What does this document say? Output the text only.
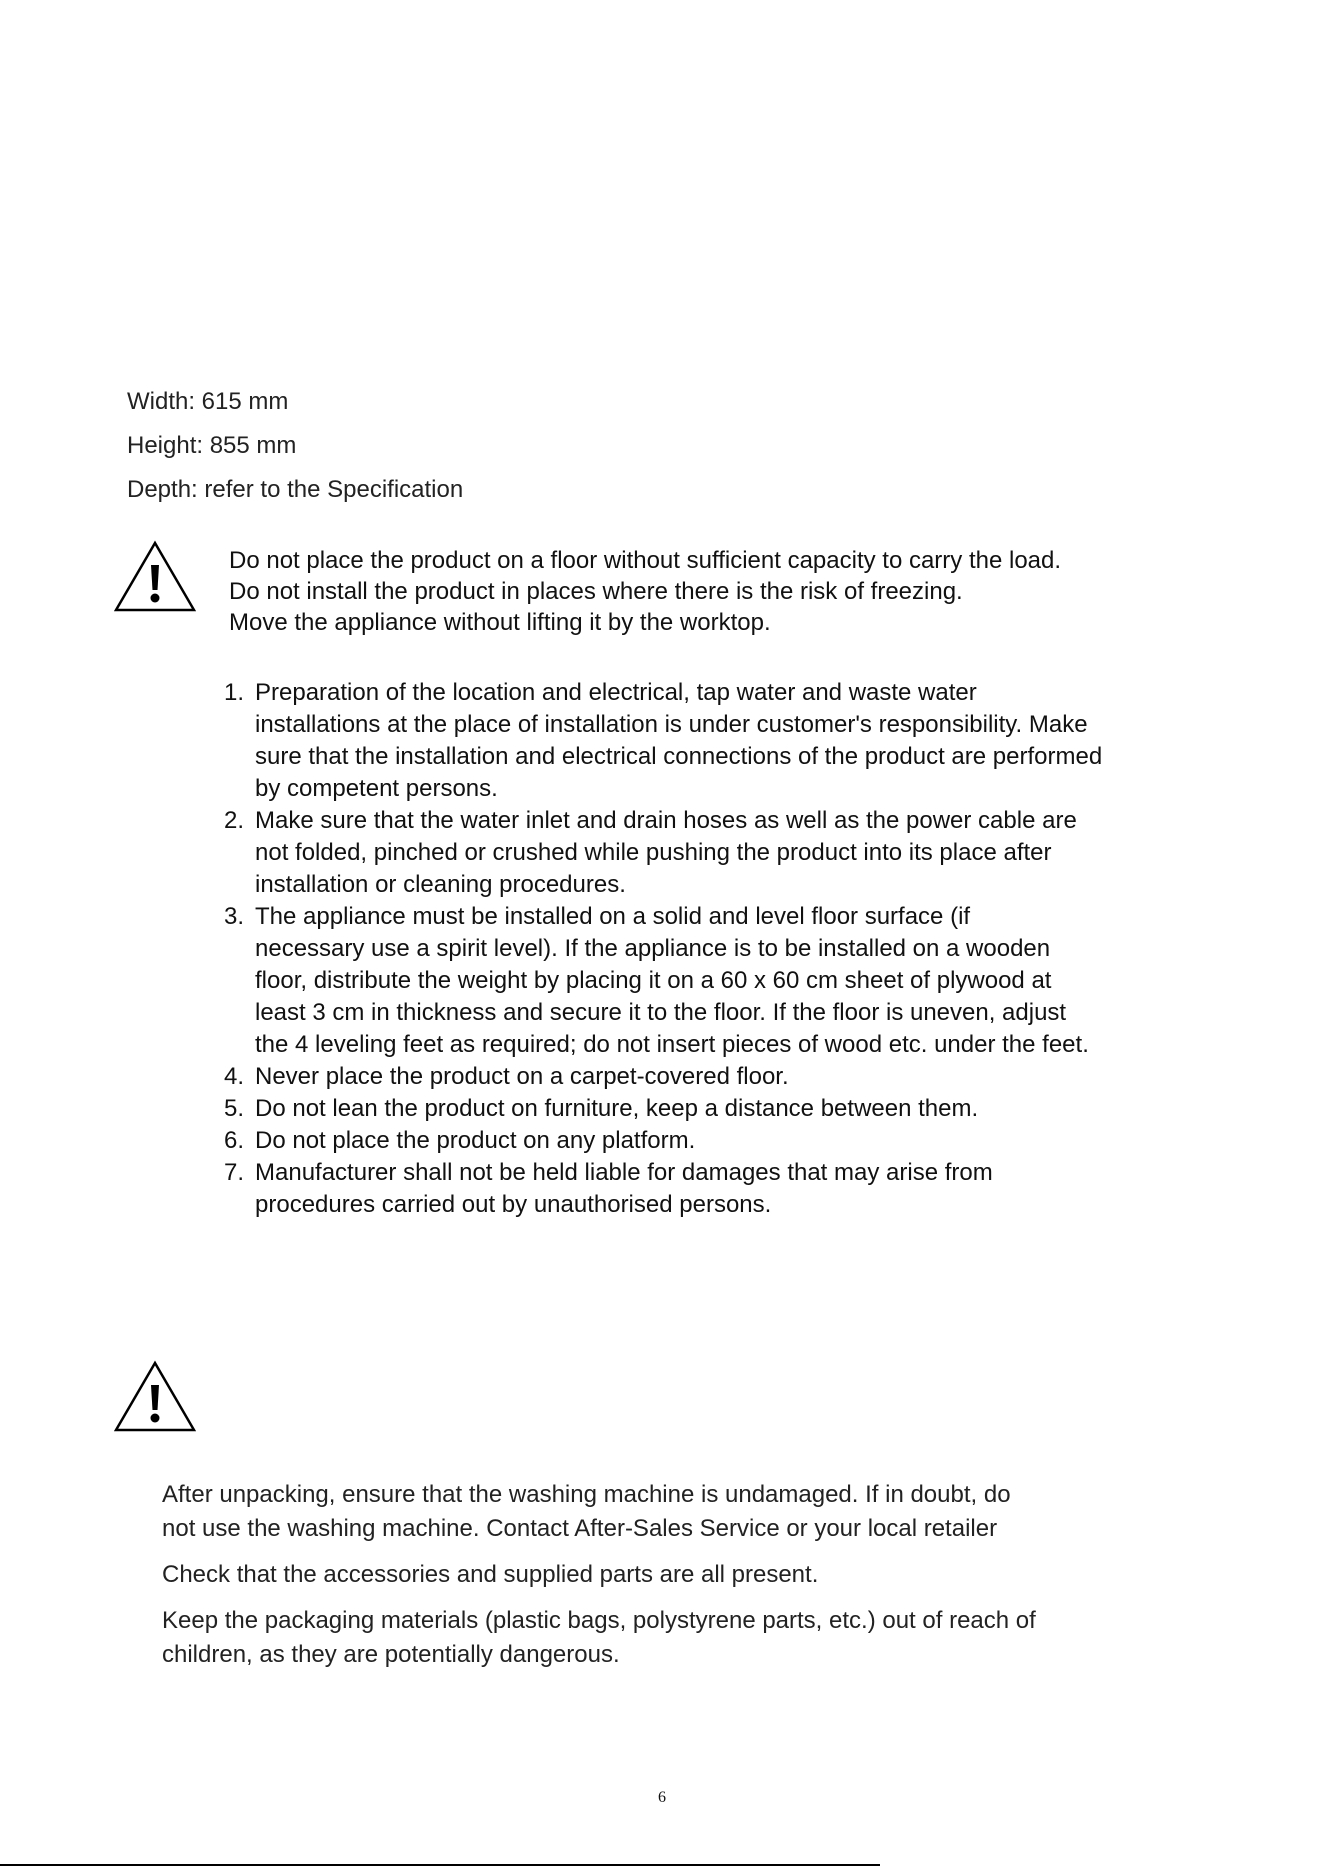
Width: 615 mm
Height: 855 mm
Depth: refer to the Specification
Do not place the product on a floor without sufficient capacity to carry the load.
Do not install the product in places where there is the risk of freezing.
Move the appliance without lifting it by the worktop.
1. Preparation of the location and electrical, tap water and waste water
installations at the place of installation is under customer's responsibility. Make
sure that the installation and electrical connections of the product are performed
by competent persons.
2. Make sure that the water inlet and drain hoses as well as the power cable are
not folded, pinched or crushed while pushing the product into its place after
installation or cleaning procedures.
3. The appliance must be installed on a solid and level floor surface (if
necessary use a spirit level). If the appliance is to be installed on a wooden
floor, distribute the weight by placing it on a 60 x 60 cm sheet of plywood at
least 3 cm in thickness and secure it to the floor. If the floor is uneven, adjust
the 4 leveling feet as required; do not insert pieces of wood etc. under the feet.
4. Never place the product on a carpet-covered floor.
5. Do not lean the product on furniture, keep a distance between them.
6. Do not place the product on any platform.
7. Manufacturer shall not be held liable for damages that may arise from
procedures carried out by unauthorised persons.
After unpacking, ensure that the washing machine is undamaged. If in doubt, do
not use the washing machine. Contact After-Sales Service or your local retailer
Check that the accessories and supplied parts are all present.
Keep the packaging materials (plastic bags, polystyrene parts, etc.) out of reach of
children, as they are potentially dangerous.
6
